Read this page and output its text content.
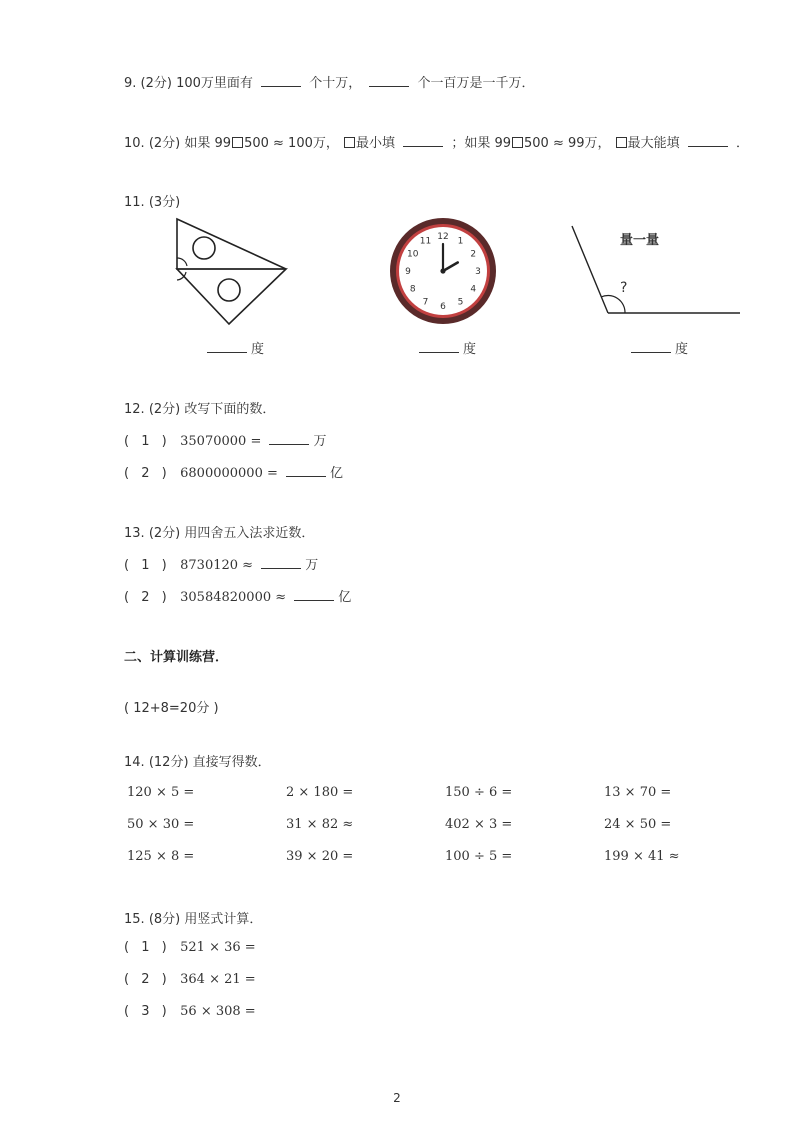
9. (2分) 100万里面有	个十万，	个一百万是一千万．
10. (2分) 如果 99 500 ≈ 100万， 最小填	；如果 99 500 ≈ 99万， 最大能填	．
11. (3分)
度
12 1
2
3
4
5
6
7
8
9
10
11
度
量一量
?
度
12. (2分) 改写下面的数．
( 1 ) 35070000 =	万
( 2 ) 6800000000 =	亿
13. (2分) 用四舍五入法求近数．
( 1 ) 8730120 ≈	万
( 2 ) 30584820000 ≈	亿
二、计算训练营．
( 12+8=20分 )
14. (12分) 直接写得数．
120 × 5 =	2 × 180 =	150 ÷ 6 =	13 × 70 =
50 × 30 =	31 × 82 ≈	402 × 3 =	24 × 50 =
125 × 8 =	39 × 20 =	100 ÷ 5 =	199 × 41 ≈
15. (8分) 用竖式计算．
( 1 ) 521 × 36 =
( 2 ) 364 × 21 =
( 3 ) 56 × 308 =
2
